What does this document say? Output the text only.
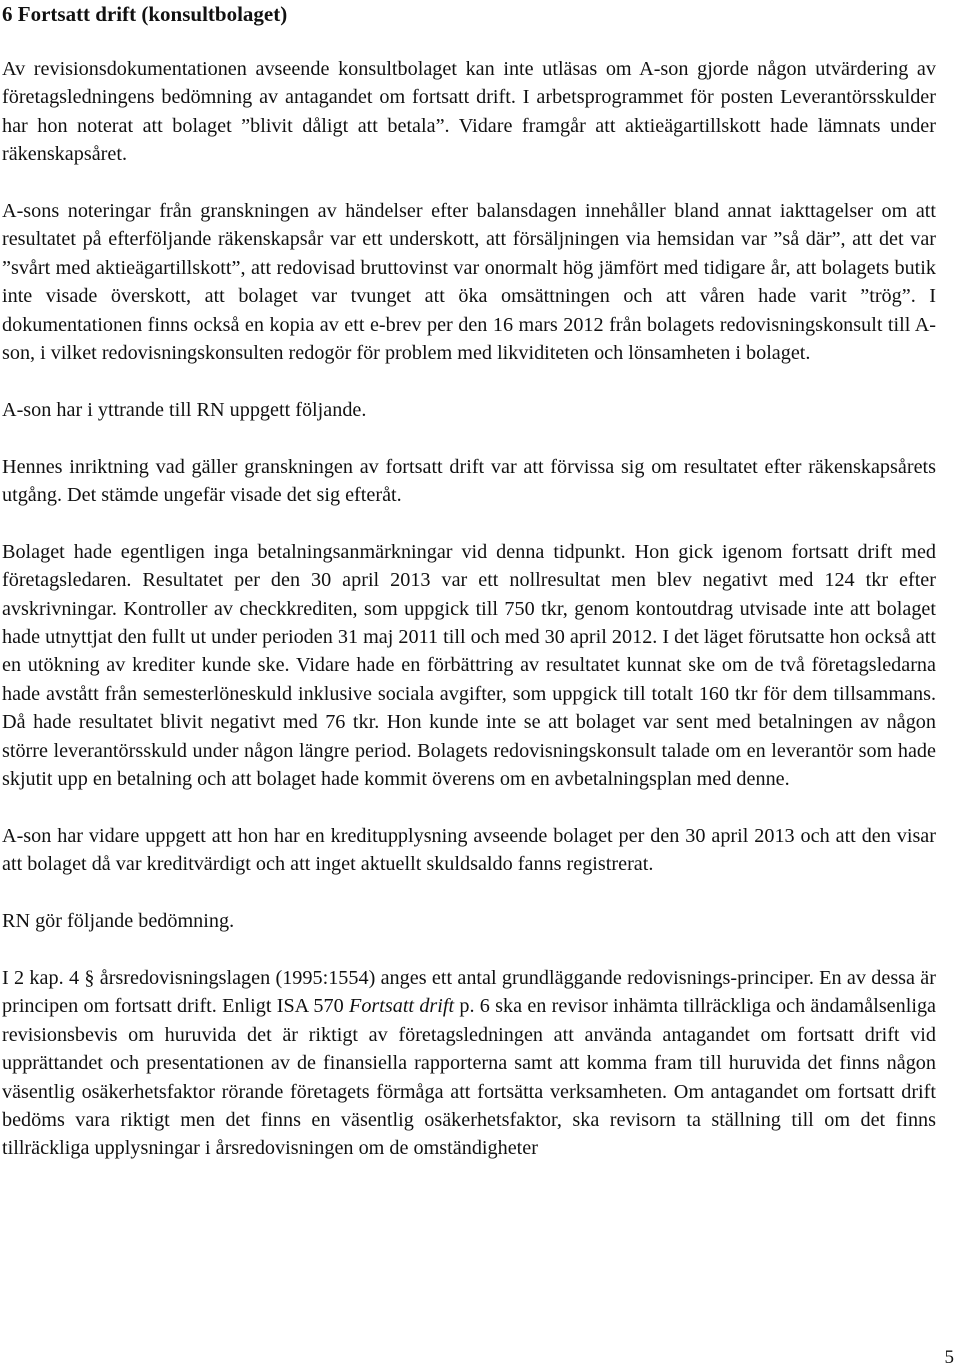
6 Fortsatt drift (konsultbolaget)

Av revisionsdokumentationen avseende konsultbolaget kan inte utläsas om A-son gjorde någon utvärdering av företagsledningens bedömning av antagandet om fortsatt drift. I arbetsprogrammet för posten Leverantörsskulder har hon noterat att bolaget ”blivit dåligt att betala”. Vidare framgår att aktieägartillskott hade lämnats under räkenskapsåret.

A-sons noteringar från granskningen av händelser efter balansdagen innehåller bland annat iakttagelser om att resultatet på efterföljande räkenskapsår var ett underskott, att försäljningen via hemsidan var ”så där”, att det var ”svårt med aktieägartillskott”, att redovisad bruttovinst var onormalt hög jämfört med tidigare år, att bolagets butik inte visade överskott, att bolaget var tvunget att öka omsättningen och att våren hade varit ”trög”. I dokumentationen finns också en kopia av ett e-brev per den 16 mars 2012 från bolagets redovisningskonsult till A-son, i vilket redovisningskonsulten redogör för problem med likviditeten och lönsamheten i bolaget.

A-son har i yttrande till RN uppgett följande.

Hennes inriktning vad gäller granskningen av fortsatt drift var att förvissa sig om resultatet efter räkenskapsårets utgång. Det stämde ungefär visade det sig efteråt.

Bolaget hade egentligen inga betalningsanmärkningar vid denna tidpunkt. Hon gick igenom fortsatt drift med företagsledaren. Resultatet per den 30 april 2013 var ett nollresultat men blev negativt med 124 tkr efter avskrivningar. Kontroller av checkkrediten, som uppgick till 750 tkr, genom kontoutdrag utvisade inte att bolaget hade utnyttjat den fullt ut under perioden 31 maj 2011 till och med 30 april 2012. I det läget förutsatte hon också att en utökning av krediter kunde ske. Vidare hade en förbättring av resultatet kunnat ske om de två företagsledarna hade avstått från semesterlöneskuld inklusive sociala avgifter, som uppgick till totalt 160 tkr för dem tillsammans. Då hade resultatet blivit negativt med 76 tkr. Hon kunde inte se att bolaget var sent med betalningen av någon större leverantörsskuld under någon längre period. Bolagets redovisningskonsult talade om en leverantör som hade skjutit upp en betalning och att bolaget hade kommit överens om en avbetalningsplan med denne.

A-son har vidare uppgett att hon har en kreditupplysning avseende bolaget per den 30 april 2013 och att den visar att bolaget då var kreditvärdigt och att inget aktuellt skuldsaldo fanns registrerat.

RN gör följande bedömning.

I 2 kap. 4 § årsredovisningslagen (1995:1554) anges ett antal grundläggande redovisnings-principer. En av dessa är principen om fortsatt drift. Enligt ISA 570 Fortsatt drift p. 6 ska en revisor inhämta tillräckliga och ändamålsenliga revisionsbevis om huruvida det är riktigt av företagsledningen att använda antagandet om fortsatt drift vid upprättandet och presentationen av de finansiella rapporterna samt att komma fram till huruvida det finns någon väsentlig osäkerhetsfaktor rörande företagets förmåga att fortsätta verksamheten. Om antagandet om fortsatt drift bedöms vara riktigt men det finns en väsentlig osäkerhetsfaktor, ska revisorn ta ställning till om det finns tillräckliga upplysningar i årsredovisningen om de omständigheter

5
